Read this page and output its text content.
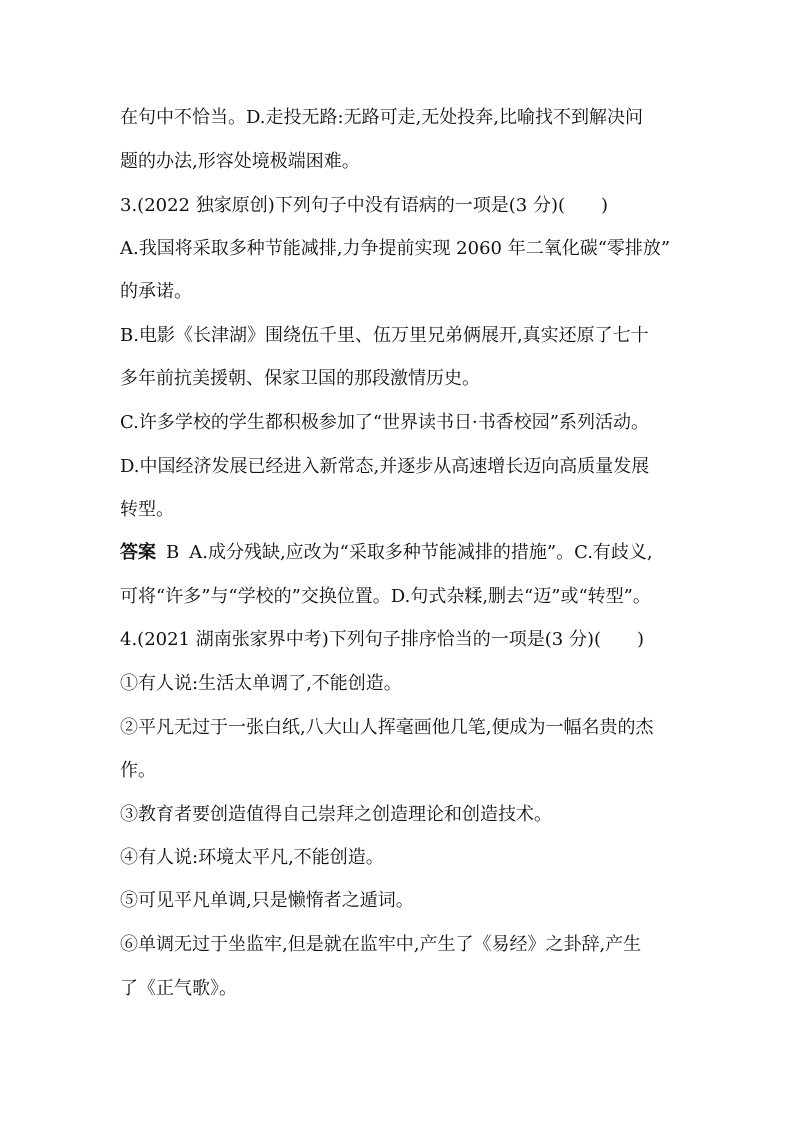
在句中不恰当。D.走投无路:无路可走,无处投奔,比喻找不到解决问
题的办法,形容处境极端困难。
3.(2022 独家原创)下列句子中没有语病的一项是(3 分)(　　)
A.我国将采取多种节能减排,力争提前实现 2060 年二氧化碳“零排放”
的承诺。
B.电影《长津湖》围绕伍千里、伍万里兄弟俩展开,真实还原了七十
多年前抗美援朝、保家卫国的那段激情历史。
C.许多学校的学生都积极参加了“世界读书日·书香校园”系列活动。
D.中国经济发展已经进入新常态,并逐步从高速增长迈向高质量发展
转型。
答案 B A.成分残缺,应改为“采取多种节能减排的措施”。C.有歧义,
可将“许多”与“学校的”交换位置。D.句式杂糅,删去“迈”或“转型”。
4.(2021 湖南张家界中考)下列句子排序恰当的一项是(3 分)(　　)
①有人说:生活太单调了,不能创造。
②平凡无过于一张白纸,八大山人挥毫画他几笔,便成为一幅名贵的杰
作。
③教育者要创造值得自己崇拜之创造理论和创造技术。
④有人说:环境太平凡,不能创造。
⑤可见平凡单调,只是懒惰者之遁词。
⑥单调无过于坐监牢,但是就在监牢中,产生了《易经》之卦辞,产生
了《正气歌》。
